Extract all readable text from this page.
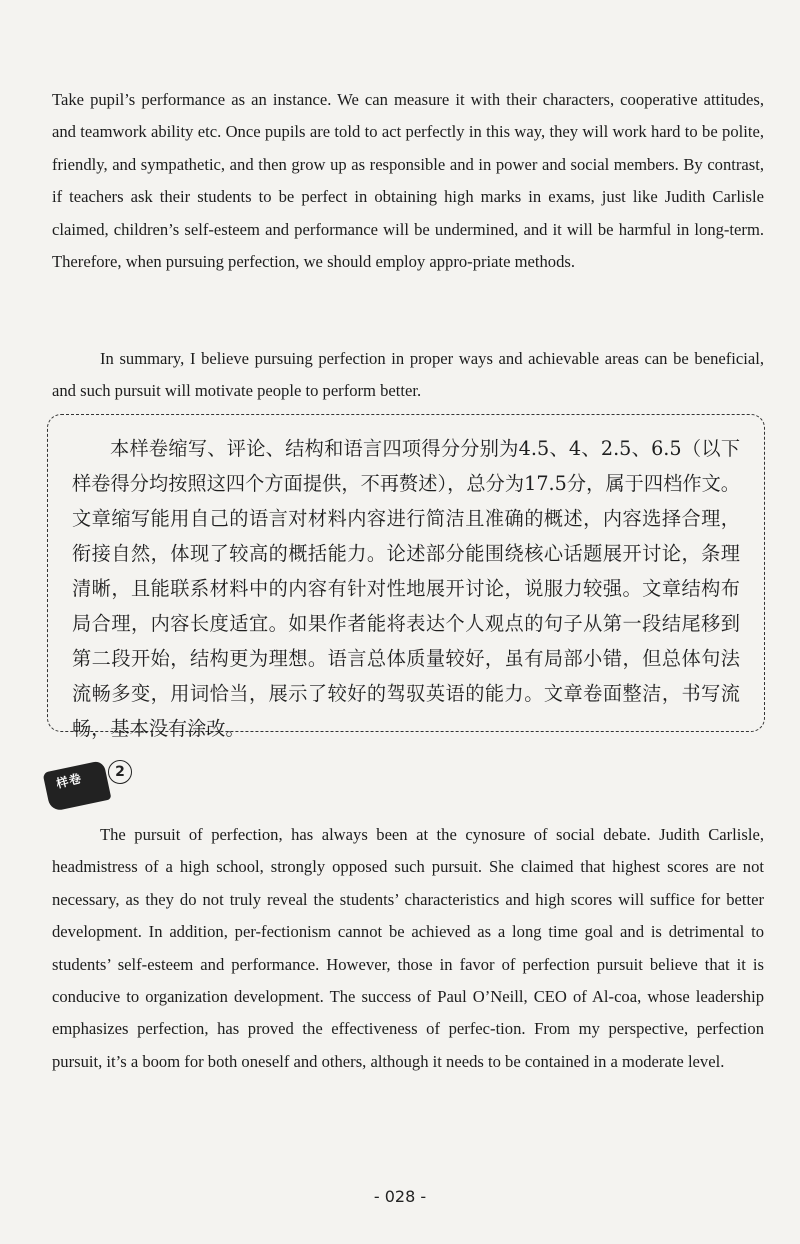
Take pupil’s performance as an instance. We can measure it with their characters, cooperative attitudes, and teamwork ability etc. Once pupils are told to act perfectly in this way, they will work hard to be polite, friendly, and sympathetic, and then grow up as responsible and in power and social members. By contrast, if teachers ask their students to be perfect in obtaining high marks in exams, just like Judith Carlisle claimed, children’s self-esteem and performance will be undermined, and it will be harmful in long-term. Therefore, when pursuing perfection, we should employ appro-priate methods.

In summary, I believe pursuing perfection in proper ways and achievable areas can be beneficial, and such pursuit will motivate people to perform better.

本样卷缩写、评论、结构和语言四项得分分别为4.5、4、2.5、6.5（以下样卷得分均按照这四个方面提供，不再赘述），总分为17.5分，属于四档作文。文章缩写能用自己的语言对材料内容进行简洁且准确的概述，内容选择合理，衔接自然，体现了较高的概括能力。论述部分能围绕核心话题展开讨论，条理清晰，且能联系材料中的内容有针对性地展开讨论，说服力较强。文章结构布局合理，内容长度适宜。如果作者能将表达个人观点的句子从第一段结尾移到第二段开始，结构更为理想。语言总体质量较好，虽有局部小错，但总体句法流畅多变，用词恰当，展示了较好的驾驭英语的能力。文章卷面整洁，书写流畅，基本没有涂改。

样卷	2

The pursuit of perfection, has always been at the cynosure of social debate. Judith Carlisle, headmistress of a high school, strongly opposed such pursuit. She claimed that highest scores are not necessary, as they do not truly reveal the students’ characteristics and high scores will suffice for better development. In addition, per-fectionism cannot be achieved as a long time goal and is detrimental to students’ self-esteem and performance. However, those in favor of perfection pursuit believe that it is conducive to organization development. The success of Paul O’Neill, CEO of Al-coa, whose leadership emphasizes perfection, has proved the effectiveness of perfec-tion. From my perspective, perfection pursuit, it’s a boom for both oneself and others, although it needs to be contained in a moderate level.

- 028 -
